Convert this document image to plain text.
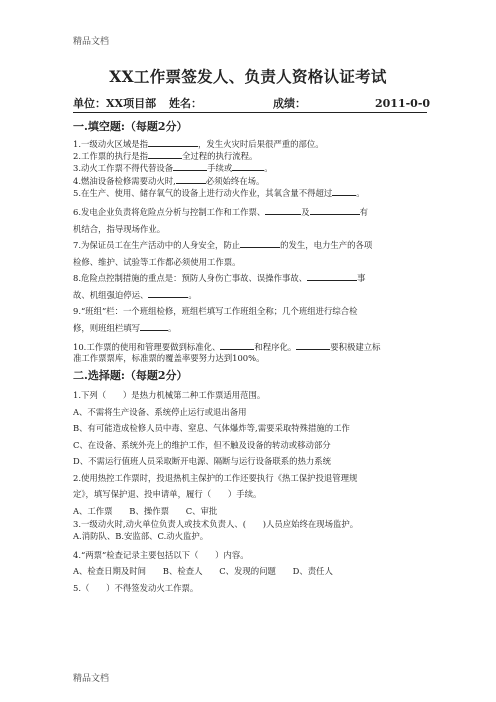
精品文档
XX工作票签发人、负责人资格认证考试
单位：XX项目部 姓名：	成绩：	2011-0-0
一.填空题:（每题2分）

1.一级动火区域是指	，发生火灾时后果很严重的部位。

2.工作票的执行是指	全过程的执行流程。

3.动火工作票不得代替设备	手续或	。

4.燃油设备检修需要动火时,	必须始终在场。

5.在生产、使用、储存氧气的设备上进行动火作业，其氧含量不得超过	。

6.发电企业负责将危险点分析与控制工作和工作票、	及	有
机结合，指导现场作业。
7.为保证员工在生产活动中的人身安全，防止	的发生，电力生产的各项
检修、维护、试验等工作都必须使用工作票。
8.危险点控制措施的重点是：预防人身伤亡事故、误操作事故、	事
故、机组强迫停运、	。
9.“班组”栏：一个班组检修，班组栏填写工作班组全称；几个班组进行综合检
修，则班组栏填写	。
10.工作票的使用和管理要做到标准化、	和程序化。	要积极建立标
准工作票票库，标准票的覆盖率要努力达到100%。
二.选择题:（每题2分）
1.下列（　　）是热力机械第二种工作票适用范围。
A、不需将生产设备、系统停止运行或退出备用
B、有可能造成检修人员中毒、窒息、气体爆炸等,需要采取特殊措施的工作
C、在设备、系统外壳上的维护工作，但不触及设备的转动或移动部分
D、不需运行值班人员采取断开电源、隔断与运行设备联系的热力系统
2.使用热控工作票时，投退热机主保护的工作还要执行《热工保护投退管理规
定》，填写保护退、投申请单，履行（　　）手续。
A、工作票　　B、操作票　　C、审批
3.一级动火时,动火单位负责人或技术负责人、(　　)人员应始终在现场监护。
A.消防队、B.安监部、C.动火监护。
4.“两票”检查记录主要包括以下（　　）内容。
A、检查日期及时间　　B、检查人　　C、发现的问题　　D、责任人
5.（　　）不得签发动火工作票。
精品文档
